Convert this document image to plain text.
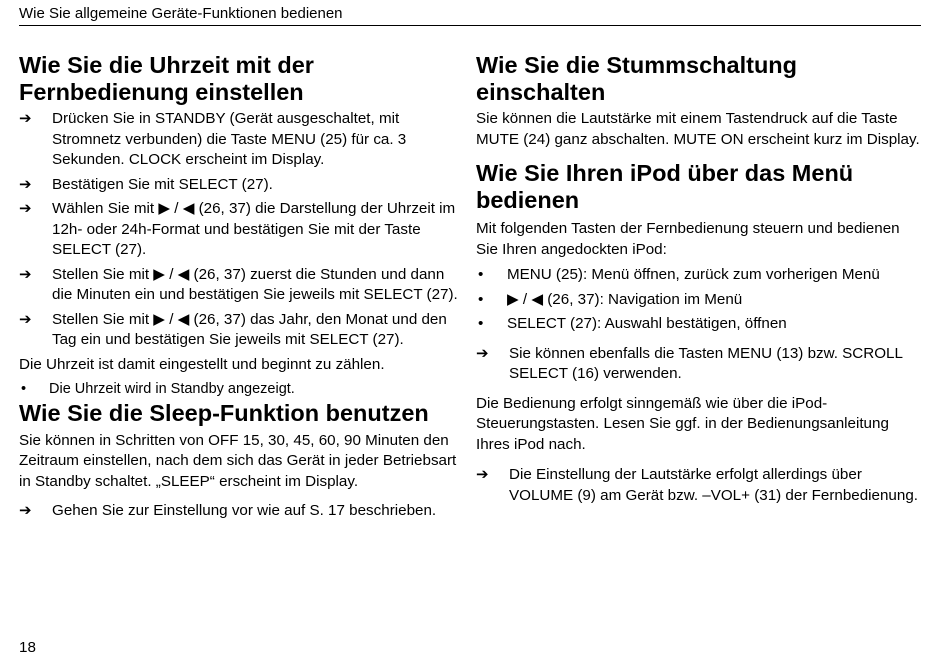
Wie Sie allgemeine Geräte-Funktionen bedienen
Wie Sie die Uhrzeit mit der Fernbedienung einstellen
➔	Drücken Sie in STANDBY (Gerät ausgeschaltet, mit Stromnetz verbunden) die Taste MENU (25) für ca. 3 Sekunden. CLOCK erscheint im Display.
➔	Bestätigen Sie mit SELECT (27).
➔	Wählen Sie mit ▶ / ◀ (26, 37) die Darstellung der Uhrzeit im 12h- oder 24h-Format und bestätigen Sie mit der Taste SELECT (27).
➔	Stellen Sie mit ▶ / ◀ (26, 37) zuerst die Stunden und dann die Minuten ein und bestätigen Sie jeweils mit SELECT (27).
➔	Stellen Sie mit ▶ / ◀ (26, 37) das Jahr, den Monat und den Tag ein und bestätigen Sie jeweils mit SELECT (27).

Die Uhrzeit ist damit eingestellt und beginnt zu zählen.

•	Die Uhrzeit wird in Standby angezeigt.
Wie Sie die Sleep-Funktion benutzen

Sie können in Schritten von OFF 15, 30, 45, 60, 90 Minuten den Zeitraum einstellen, nach dem sich das Gerät in jeder Betriebsart in Standby schaltet. „SLEEP“ erscheint im Display.

➔	Gehen Sie zur Einstellung vor wie auf S. 17 beschrieben.
Wie Sie die Stummschaltung einschalten

Sie können die Lautstärke mit einem Tastendruck auf die Taste MUTE (24) ganz abschalten. MUTE ON erscheint kurz im Display.

Wie Sie Ihren iPod über das Menü bedienen

Mit folgenden Tasten der Fernbedienung steuern und bedienen Sie Ihren angedockten iPod:

•	MENU (25): Menü öffnen, zurück zum vorherigen Menü
•	▶ / ◀ (26, 37): Navigation im Menü
•	SELECT (27): Auswahl bestätigen, öffnen
➔	Sie können ebenfalls die Tasten MENU (13) bzw. SCROLL SELECT (16) verwenden.

Die Bedienung erfolgt sinngemäß wie über die iPod-Steuerungstasten. Lesen Sie ggf. in der Bedienungsanleitung Ihres iPod nach.

➔	Die Einstellung der Lautstärke erfolgt allerdings über VOLUME (9) am Gerät bzw. –VOL+ (31) der Fernbedienung.
18
